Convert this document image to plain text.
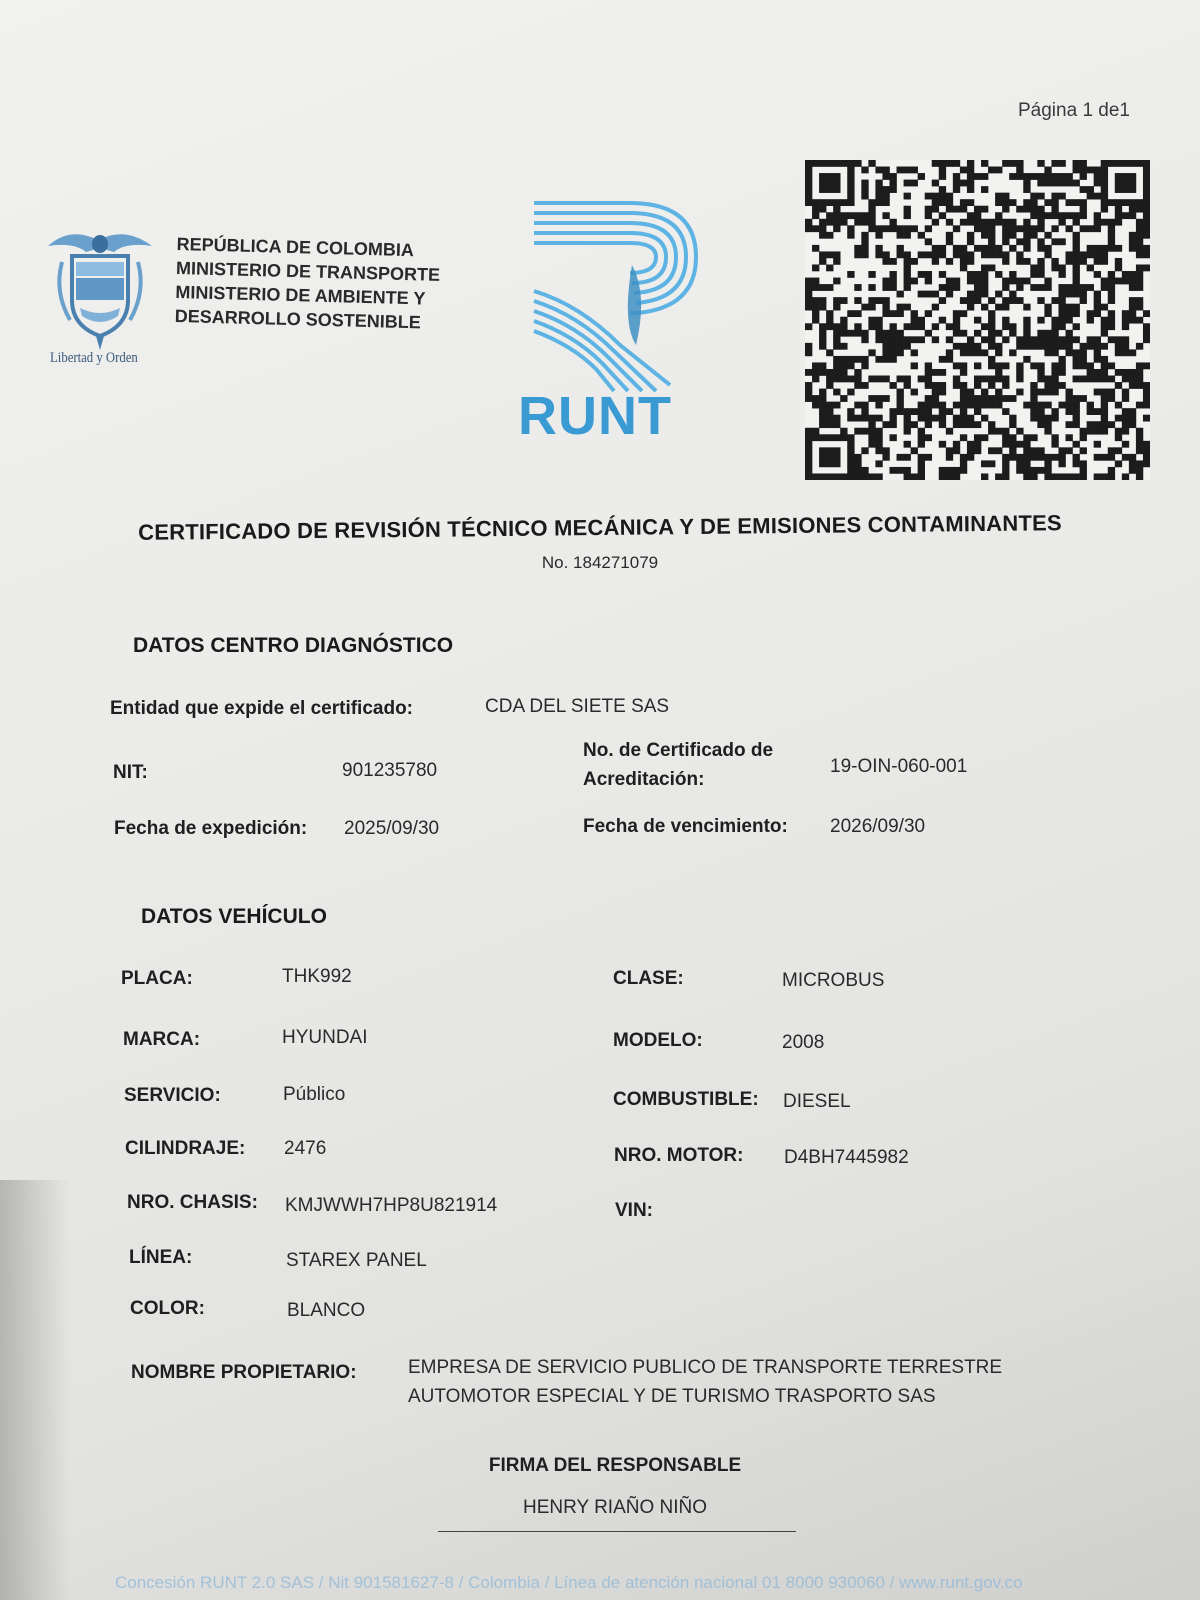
Página 1 de1
Libertad y Orden
REPÚBLICA DE COLOMBIA
MINISTERIO DE TRANSPORTE
MINISTERIO DE AMBIENTE Y
DESARROLLO SOSTENIBLE
RUNT
CERTIFICADO DE REVISIÓN TÉCNICO MECÁNICA Y DE EMISIONES CONTAMINANTES
No. 184271079
DATOS CENTRO DIAGNÓSTICO
Entidad que expide el certificado:	CDA DEL SIETE SAS
NIT:	901235780
No. de Certificado de
Acreditación:
19-OIN-060-001
Fecha de expedición: 2025/09/30	Fecha de vencimiento: 2026/09/30
DATOS VEHÍCULO
PLACA:	THK992	CLASE:	MICROBUS
MARCA:	HYUNDAI	MODELO:	2008
SERVICIO:	Público	COMBUSTIBLE: DIESEL
CILINDRAJE: 2476	NRO. MOTOR: D4BH7445982
NRO. CHASIS: KMJWWH7HP8U821914	VIN:
LÍNEA:	STAREX PANEL
COLOR:	BLANCO
NOMBRE PROPIETARIO:	EMPRESA DE SERVICIO PUBLICO DE TRANSPORTE TERRESTRE
AUTOMOTOR ESPECIAL Y DE TURISMO TRASPORTO SAS
FIRMA DEL RESPONSABLE
HENRY RIAÑO NIÑO
Concesión RUNT 2.0 SAS / Nit 901581627-8 / Colombia / Línea de atención nacional 01 8000 930060 / www.runt.gov.co
